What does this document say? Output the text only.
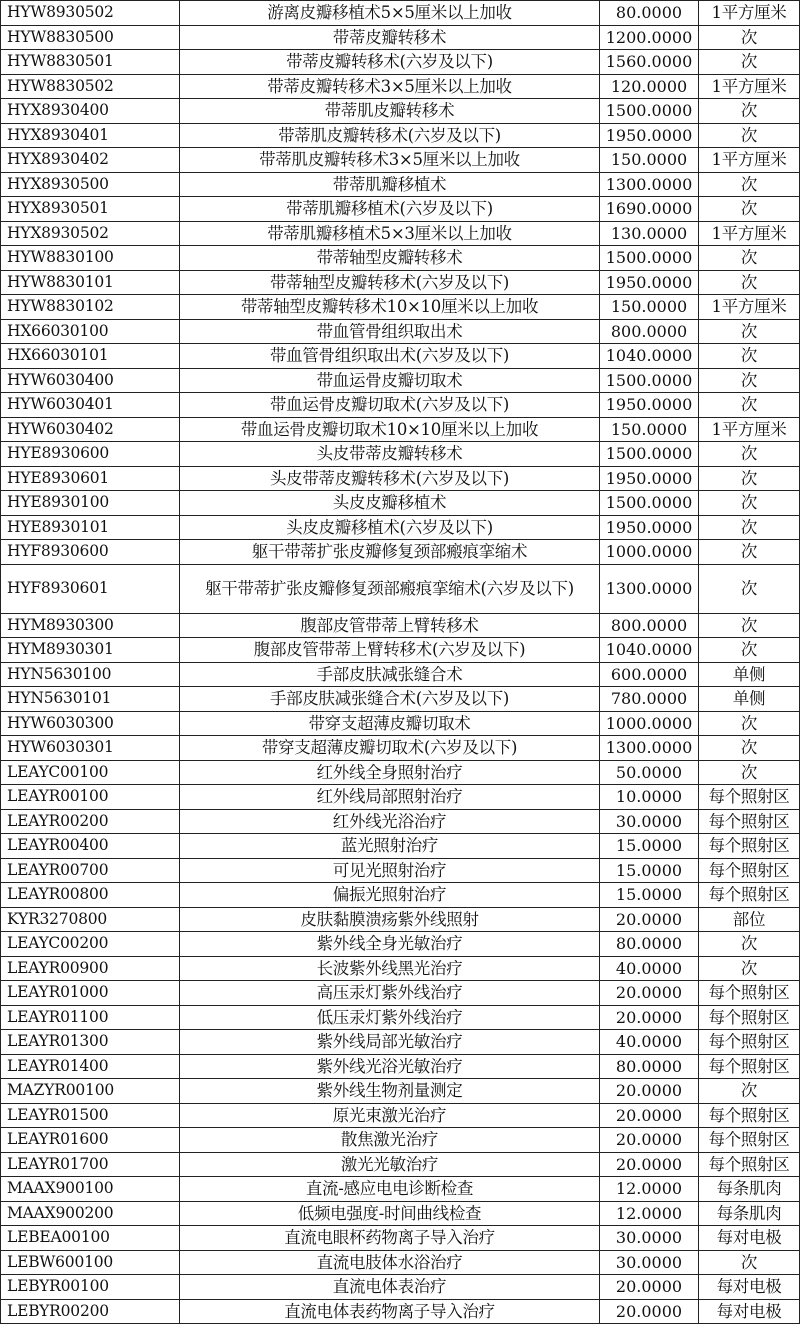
HYW8930502	游离皮瓣移植术5×5厘米以上加收	80.0000	1平方厘米
HYW8830500	带蒂皮瓣转移术	1200.0000	次
HYW8830501	带蒂皮瓣转移术(六岁及以下)	1560.0000	次
HYW8830502	带蒂皮瓣转移术3×5厘米以上加收	120.0000	1平方厘米
HYX8930400	带蒂肌皮瓣转移术	1500.0000	次
HYX8930401	带蒂肌皮瓣转移术(六岁及以下)	1950.0000	次
HYX8930402	带蒂肌皮瓣转移术3×5厘米以上加收	150.0000	1平方厘米
HYX8930500	带蒂肌瓣移植术	1300.0000	次
HYX8930501	带蒂肌瓣移植术(六岁及以下)	1690.0000	次
HYX8930502	带蒂肌瓣移植术5×3厘米以上加收	130.0000	1平方厘米
HYW8830100	带蒂轴型皮瓣转移术	1500.0000	次
HYW8830101	带蒂轴型皮瓣转移术(六岁及以下)	1950.0000	次
HYW8830102	带蒂轴型皮瓣转移术10×10厘米以上加收	150.0000	1平方厘米
HX66030100	带血管骨组织取出术	800.0000	次
HX66030101	带血管骨组织取出术(六岁及以下)	1040.0000	次
HYW6030400	带血运骨皮瓣切取术	1500.0000	次
HYW6030401	带血运骨皮瓣切取术(六岁及以下)	1950.0000	次
HYW6030402	带血运骨皮瓣切取术10×10厘米以上加收	150.0000	1平方厘米
HYE8930600	头皮带蒂皮瓣转移术	1500.0000	次
HYE8930601	头皮带蒂皮瓣转移术(六岁及以下)	1950.0000	次
HYE8930100	头皮皮瓣移植术	1500.0000	次
HYE8930101	头皮皮瓣移植术(六岁及以下)	1950.0000	次
HYF8930600	躯干带蒂扩张皮瓣修复颈部瘢痕挛缩术	1000.0000	次
HYF8930601	躯干带蒂扩张皮瓣修复颈部瘢痕挛缩术(六岁及以下)	1300.0000	次
HYM8930300	腹部皮管带蒂上臂转移术	800.0000	次
HYM8930301	腹部皮管带蒂上臂转移术(六岁及以下)	1040.0000	次
HYN5630100	手部皮肤减张缝合术	600.0000	单侧
HYN5630101	手部皮肤减张缝合术(六岁及以下)	780.0000	单侧
HYW6030300	带穿支超薄皮瓣切取术	1000.0000	次
HYW6030301	带穿支超薄皮瓣切取术(六岁及以下)	1300.0000	次
LEAYC00100	红外线全身照射治疗	50.0000	次
LEAYR00100	红外线局部照射治疗	10.0000	每个照射区
LEAYR00200	红外线光浴治疗	30.0000	每个照射区
LEAYR00400	蓝光照射治疗	15.0000	每个照射区
LEAYR00700	可见光照射治疗	15.0000	每个照射区
LEAYR00800	偏振光照射治疗	15.0000	每个照射区
KYR3270800	皮肤黏膜溃疡紫外线照射	20.0000	部位
LEAYC00200	紫外线全身光敏治疗	80.0000	次
LEAYR00900	长波紫外线黑光治疗	40.0000	次
LEAYR01000	高压汞灯紫外线治疗	20.0000	每个照射区
LEAYR01100	低压汞灯紫外线治疗	20.0000	每个照射区
LEAYR01300	紫外线局部光敏治疗	40.0000	每个照射区
LEAYR01400	紫外线光浴光敏治疗	80.0000	每个照射区
MAZYR00100	紫外线生物剂量测定	20.0000	次
LEAYR01500	原光束激光治疗	20.0000	每个照射区
LEAYR01600	散焦激光治疗	20.0000	每个照射区
LEAYR01700	激光光敏治疗	20.0000	每个照射区
MAAX900100	直流-感应电电诊断检查	12.0000	每条肌肉
MAAX900200	低频电强度-时间曲线检查	12.0000	每条肌肉
LEBEA00100	直流电眼杯药物离子导入治疗	30.0000	每对电极
LEBW600100	直流电肢体水浴治疗	30.0000	次
LEBYR00100	直流电体表治疗	20.0000	每对电极
LEBYR00200	直流电体表药物离子导入治疗	20.0000	每对电极
